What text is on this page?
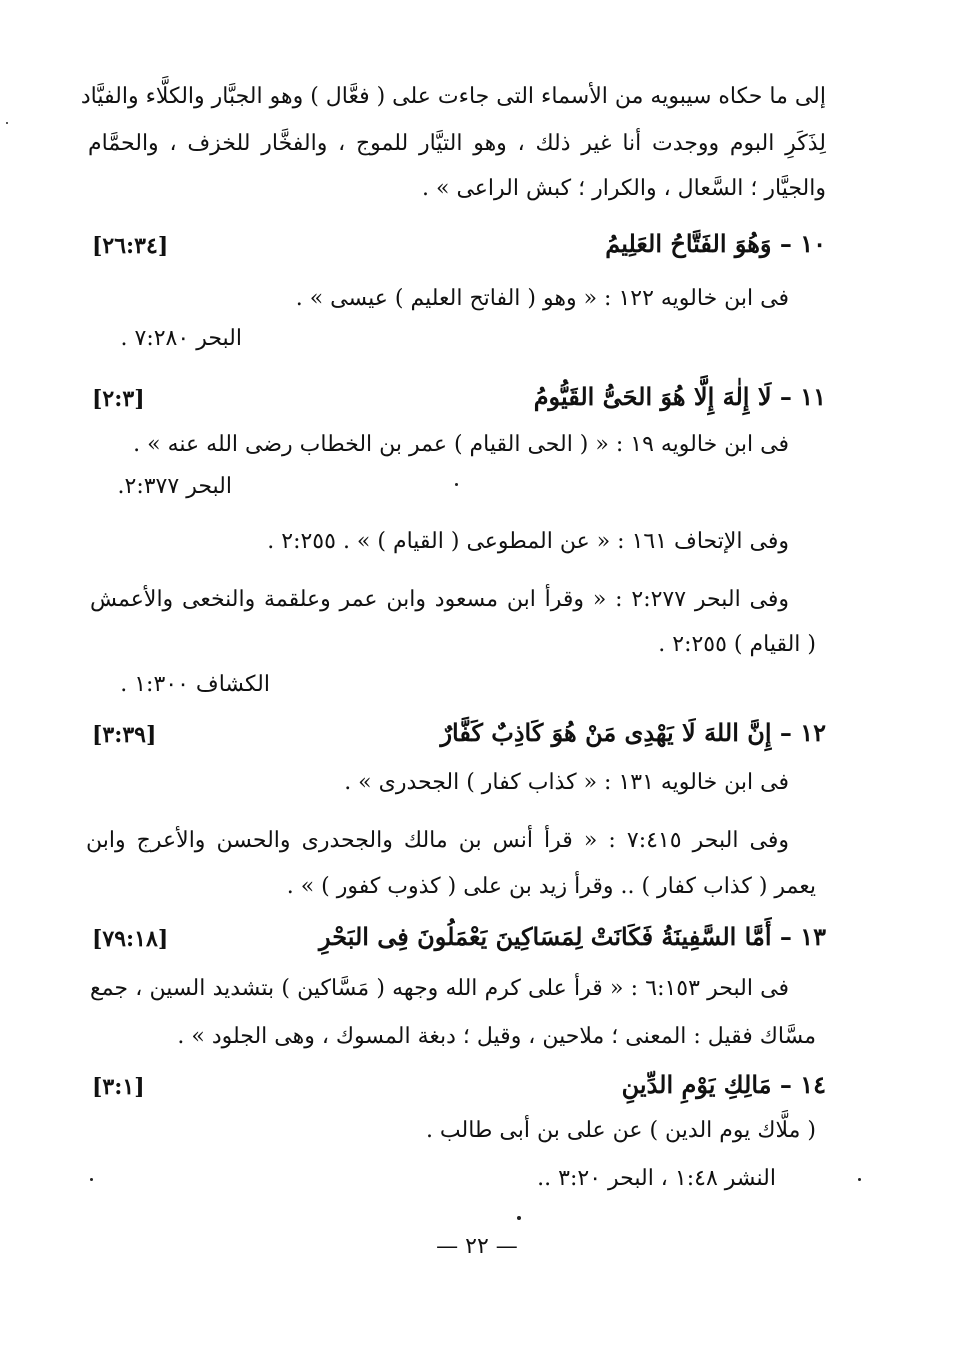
إلى ما حكاه سيبويه من الأسماء التى جاءت على ( فعَّال ) وهو الجبَّار والكلَّاء والفيَّاد
لِذَكَرِ البوم ووجدت أنا غير ذلك ، وهو التيَّار للموج ، والفخَّار للخزف ، والحمَّام
والجيَّار ؛ السَّعال ، والكرار ؛ كبش الراعى » .
١٠ – وَهُوَ الفَتَّاحُ العَلِيمُ
[٢٦:٣٤]
فى ابن خالويه ١٢٢ : « وهو ( الفاتح العليم ) عيسى » .
البحر ٧:٢٨٠ .
١١ – لَا إِلٰهَ إِلَّا هُوَ الحَىُّ القَيُّومُ
[٢:٣]
فى ابن خالويه ١٩ : « ( الحى القيام ) عمر بن الخطاب رضى الله عنه » .
البحر ٢:٣٧٧.
وفى الإتحاف ١٦١ : « عن المطوعى ( القيام ) » . ٢:٢٥٥ .
وفى البحر ٢:٢٧٧ : « وقرأ ابن مسعود وابن عمر وعلقمة والنخعى والأعمش
( القيام ) ٢:٢٥٥ .
الكشاف ١:٣٠٠ .
١٢ – إِنَّ اللهَ لَا يَهْدِى مَنْ هُوَ كَاذِبٌ كَفَّارٌ
[٣:٣٩]
فى ابن خالويه ١٣١ : « كذاب كفار ) الجحدرى » .
وفى البحر ٧:٤١٥ : « قرأ أنس بن مالك والجحدرى والحسن والأعرج وابن
يعمر ( كذاب كفار ) .. وقرأ زيد بن على ( كذوب كفور ) » .
١٣ – أَمَّا السَّفِينَةُ فَكَانَتْ لِمَسَاكِينَ يَعْمَلُونَ فِى البَحْرِ
[٧٩:١٨]
فى البحر ٦:١٥٣ : « قرأ على كرم الله وجهه ( مَسَّاكين ) بتشديد السين ، جمع
مسَّاك فقيل : المعنى ؛ ملاحين ، وقيل ؛ دبغة المسوك ، وهى الجلود » .
١٤ – مَالِكِ يَوْمِ الدِّينِ
[٣:١]
( ملَّاك يوم الدين ) عن على بن أبى طالب .
النشر ١:٤٨ ، البحر ٣:٢٠ ..
— ٢٢ —
